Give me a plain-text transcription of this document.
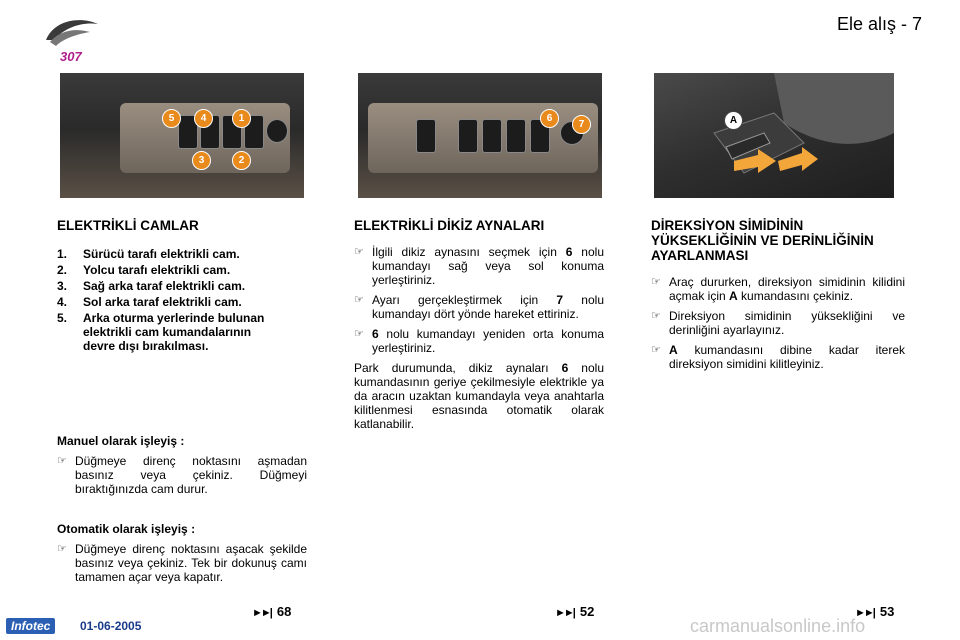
307
Ele alış - 7
5	4	1
3	2
6
7	A
ELEKTRİKLİ CAMLAR
1.	Sürücü tarafı elektrikli cam.
2.	Yolcu tarafı elektrikli cam.
3.	Sağ arka taraf elektrikli cam.
4.	Sol arka taraf elektrikli cam.
5.	Arka oturma yerlerinde bulunan elektrikli cam kumandalarının devre dışı bırakılması.
Manuel olarak işleyiş :
☞ Düğmeye direnç noktasını aşmadan basınız veya çekiniz. Düğmeyi bıraktığınızda cam durur.
Otomatik olarak işleyiş :
☞ Düğmeye direnç noktasını aşacak şekilde basınız veya çekiniz. Tek bir dokunuş camı tamamen açar veya kapatır.
ELEKTRİKLİ DİKİZ AYNALARI
☞ İlgili dikiz aynasını seçmek için 6 nolu kumandayı sağ veya sol konuma yerleştiriniz.
☞ Ayarı gerçekleştirmek için 7 nolu kumandayı dört yönde hareket ettiriniz.
☞ 6 nolu kumandayı yeniden orta konuma yerleştiriniz.
Park durumunda, dikiz aynaları 6 nolu kumandasının geriye çekilmesiyle elektrikle ya da aracın uzaktan kumandayla veya anahtarla kilitlenmesi esnasında otomatik olarak katlanabilir.
DİREKSİYON SİMİDİNİN YÜKSEKLİĞİNİN VE DERİNLİĞİNİN AYARLANMASI
☞ Araç dururken, direksiyon simidinin kilidini açmak için A kumandasını çekiniz.
☞ Direksiyon simidinin yüksekliğini ve derinliğini ayarlayınız.
☞ A kumandasını dibine kadar iterek direksiyon simidini kilitleyiniz.
►►| 68	►►| 52	►►| 53
Infotec	01-06-2005	carmanualsonline.info
